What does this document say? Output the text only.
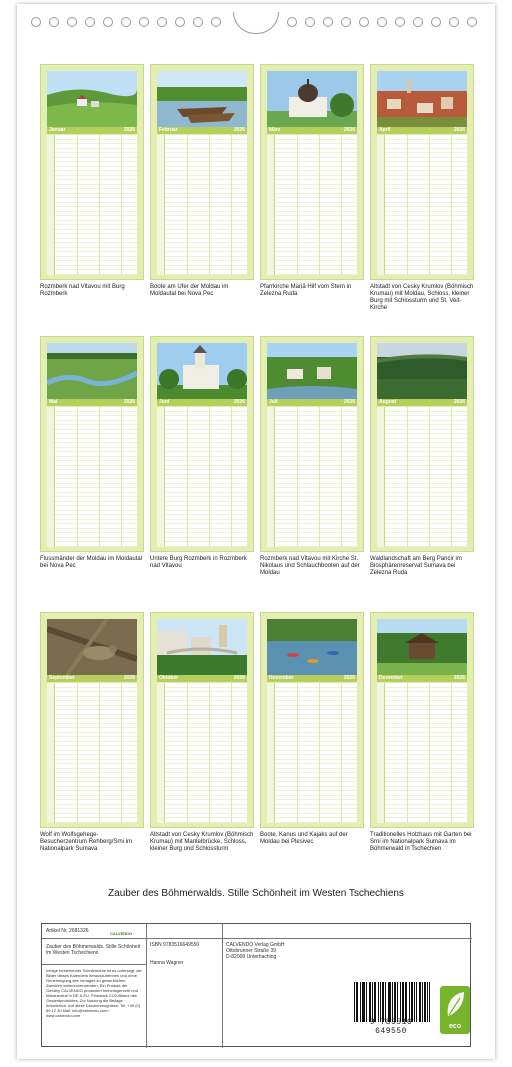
Januar	2026
Rozmberk nad Vltavou mit Burg Rozmberk
Februar	2026
Boote am Ufer der Moldau im Moldautal bei Nova Pec
März	2026
Pfarrkirche Mariä Hilf vom Stern in Zelezna Ruda
April	2026
Altstadt von Cesky Krumlov (Böhmisch Krumau) mit Moldau, Schloss, kleiner Burg mit Schlossturm und St. Veit-Kirche
Mai	2026
Flussmänder der Moldau im Moldautal bei Nova Pec
Juni	2026
Untere Burg Rozmberk in Rozmberk nad Vltavou
Juli	2026
Rozmberk nad Vltavou mit Kirche St. Nikolaus und Schlauchbooten auf der Moldau
August	2026
Waldlandschaft am Berg Pancir im Biosphärenreservat Sumava bei Zelezna Ruda
September	2026
Wolf im Wolfsgehege-Besucherzentrum Rehberg/Srni im Nationalpark Sumava
Oktober	2026
Altstadt von Cesky Krumlov (Böhmisch Krumau) mit Mantelbrücke, Schloss, kleiner Burg und Schlossturm
November	2026
Boote, Kanus und Kajaks auf der Moldau bei Plesivec
Dezember	2026
Traditionelles Holzhaus mit Garten bei Srni im Nationalpark Sumava im Böhmerwald in Tschechien
Zauber des Böhmerwalds. Stille Schönheit im Westen Tschechiens
Artikel Nr. 2681326	CALVENDO
Zauber des Böhmerwalds. Stille Schönheit im Westen Tschechiens
Infolge bestehender Schutzrechte ist es untersagt, die Bilder dieses Kalenders herauszutrennen und ohne Genehmigung des Verlages zu gewerblichen Zwecken weiterzuverwenden. Ein Produkt der Gmulfry CALVENDO produziert freiheitsgerecht und klimaneutral in DE & EU. Pinsmark CO2-Bilanz des Gesamtproduktes. Zur Nutzung die Beilage erforderlich. Auf diese Druckerzeugnisse: Tel. +49 (0) 89 12 30 Mail: info@calvendo.com / www.calvendo.com
ISBN 9783516649550
Hanna Wagner
CALVENDO Verlag GmbH
Ottobrunner Straße 39
D-82008 Unterhaching
9 783516 649550
eco
